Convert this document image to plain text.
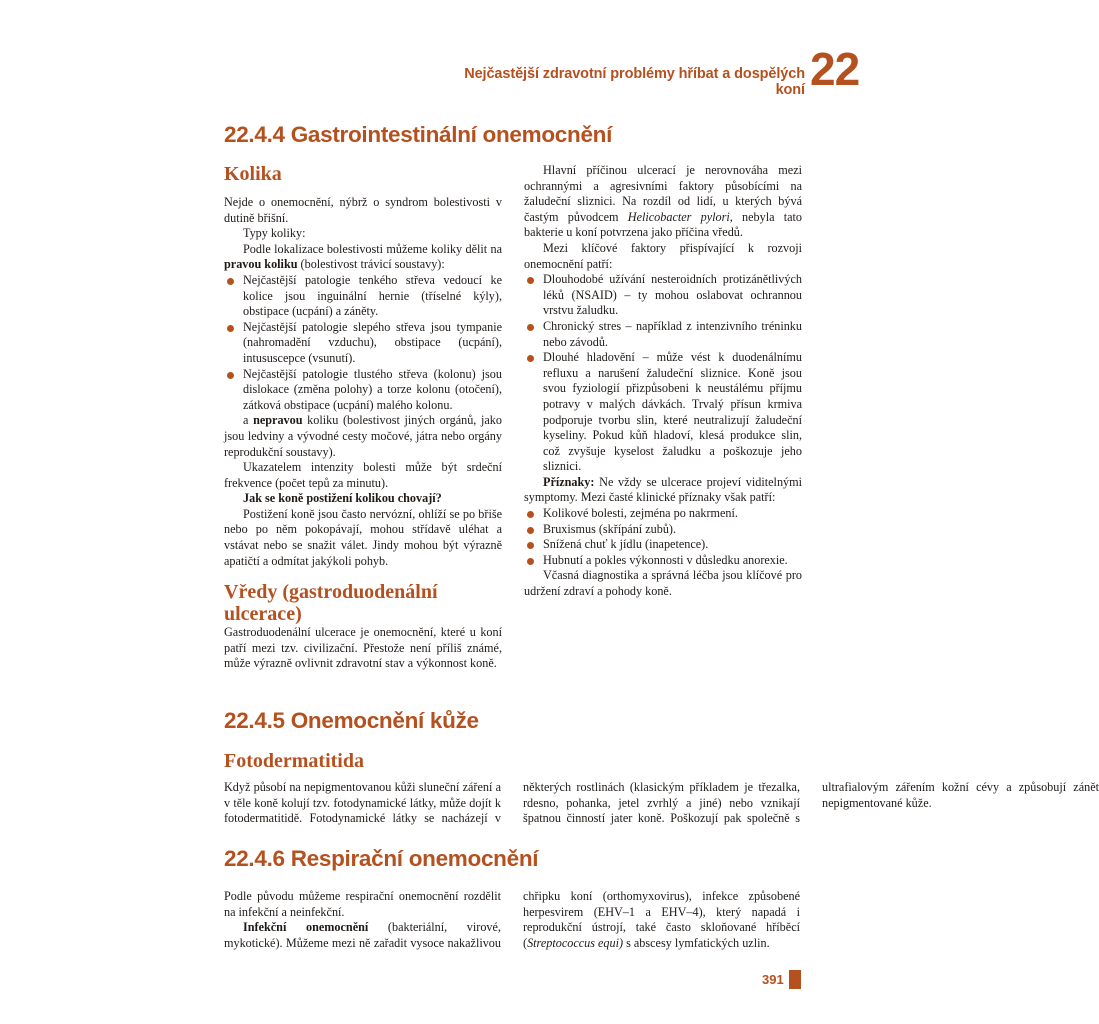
Nejčastější zdravotní problémy hříbat a dospělých koní 22
22.4.4 Gastrointestinální onemocnění
Kolika

Nejde o onemocnění, nýbrž o syndrom bolestivosti v dutině břišní.

Typy koliky:

Podle lokalizace bolestivosti můžeme koliky dělit na pravou koliku (bolestivost trávicí soustavy):

Nejčastější patologie tenkého střeva vedoucí ke kolice jsou inguinální hernie (tříselné kýly), obstipace (ucpání) a záněty.
Nejčastější patologie slepého střeva jsou tympanie (nahromadění vzduchu), obstipace (ucpání), intususcepce (vsunutí).
Nejčastější patologie tlustého střeva (kolonu) jsou dislokace (změna polohy) a torze kolonu (otočení), zátková obstipace (ucpání) malého kolonu.

a nepravou koliku (bolestivost jiných orgánů, jako jsou ledviny a vývodné cesty močové, játra nebo orgány reprodukční soustavy).

Ukazatelem intenzity bolesti může být srdeční frekvence (počet tepů za minutu).

Jak se koně postižení kolikou chovají?

Postižení koně jsou často nervózní, ohlíží se po břiše nebo po něm pokopávají, mohou střídavě uléhat a vstávat nebo se snažit válet. Jindy mohou být výrazně apatičtí a odmítat jakýkoli pohyb.

Vředy (gastroduodenální ulcerace)

Gastroduodenální ulcerace je onemocnění, které u koní patří mezi tzv. civilizační. Přestože není příliš známé, může výrazně ovlivnit zdravotní stav a výkonnost koně.

Hlavní příčinou ulcerací je nerovnováha mezi ochrannými a agresivními faktory působícími na žaludeční sliznici. Na rozdíl od lidí, u kterých bývá častým původcem Helicobacter pylori, nebyla tato bakterie u koní potvrzena jako příčina vředů.

Mezi klíčové faktory přispívající k rozvoji onemocnění patří:

Dlouhodobé užívání nesteroidních protizánětlivých léků (NSAID) – ty mohou oslabovat ochrannou vrstvu žaludku.
Chronický stres – například z intenzivního tréninku nebo závodů.
Dlouhé hladovění – může vést k duodenálnímu refluxu a narušení žaludeční sliznice. Koně jsou svou fyziologií přizpůsobeni k neustálému příjmu potravy v malých dávkách. Trvalý přísun krmiva podporuje tvorbu slin, které neutralizují žaludeční kyseliny. Pokud kůň hladoví, klesá produkce slin, což zvyšuje kyselost žaludku a poškozuje jeho sliznici.

Příznaky: Ne vždy se ulcerace projeví viditelnými symptomy. Mezi časté klinické příznaky však patří:

Kolikové bolesti, zejména po nakrmení.
Bruxismus (skřípání zubů).
Snížená chuť k jídlu (inapetence).
Hubnutí a pokles výkonnosti v důsledku anorexie.

Včasná diagnostika a správná léčba jsou klíčové pro udržení zdraví a pohody koně.

22.4.5 Onemocnění kůže
Fotodermatitida

Když působí na nepigmentovanou kůži sluneční záření a v těle koně kolují tzv. fotodynamické látky, může dojít k fotodermatitidě. Fotodynamické látky se nacházejí v některých rostlinách (klasickým příkladem je třezalka, rdesno, pohanka, jetel zvrhlý a jiné) nebo vznikají špatnou činností jater koně. Poškozují pak společně s ultrafialovým zářením kožní cévy a způsobují zánět nepigmentované kůže.

22.4.6 Respirační onemocnění

Podle původu můžeme respirační onemocnění rozdělit na infekční a neinfekční.

Infekční onemocnění (bakteriální, virové, mykotické). Můžeme mezi ně zařadit vysoce nakažlivou chřipku koní (orthomyxovirus), infekce způsobené herpesvirem (EHV–1 a EHV–4), který napadá i reprodukční ústrojí, také často skloňované hříběcí (Streptococcus equi) s abscesy lymfatických uzlin.

391
